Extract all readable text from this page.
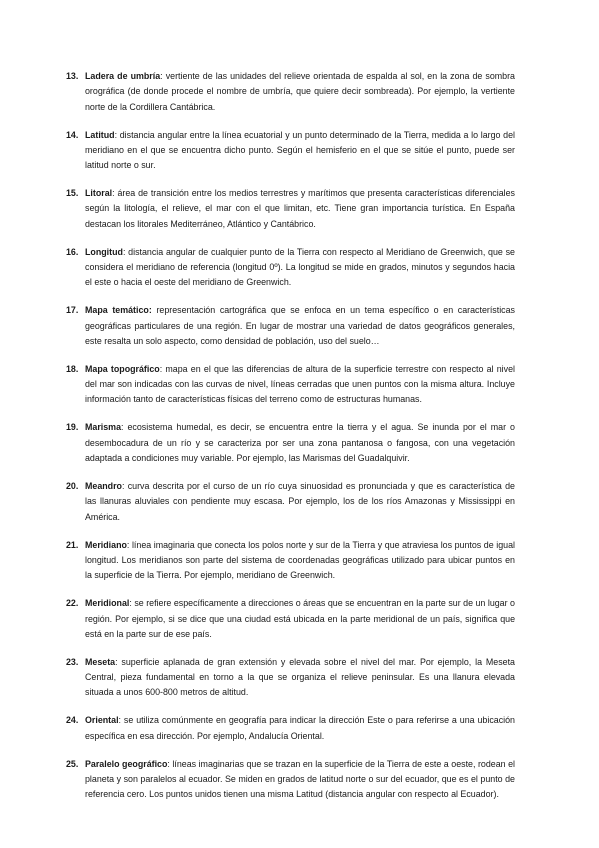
13. Ladera de umbría: vertiente de las unidades del relieve orientada de espalda al sol, en la zona de sombra orográfica (de donde procede el nombre de umbría, que quiere decir sombreada). Por ejemplo, la vertiente norte de la Cordillera Cantábrica.
14. Latitud: distancia angular entre la línea ecuatorial y un punto determinado de la Tierra, medida a lo largo del meridiano en el que se encuentra dicho punto. Según el hemisferio en el que se sitúe el punto, puede ser latitud norte o sur.
15. Litoral: área de transición entre los medios terrestres y marítimos que presenta características diferenciales según la litología, el relieve, el mar con el que limitan, etc. Tiene gran importancia turística. En España destacan los litorales Mediterráneo, Atlántico y Cantábrico.
16. Longitud: distancia angular de cualquier punto de la Tierra con respecto al Meridiano de Greenwich, que se considera el meridiano de referencia (longitud 0º). La longitud se mide en grados, minutos y segundos hacia el este o hacia el oeste del meridiano de Greenwich.
17. Mapa temático: representación cartográfica que se enfoca en un tema específico o en características geográficas particulares de una región. En lugar de mostrar una variedad de datos geográficos generales, este resalta un solo aspecto, como densidad de población, uso del suelo…
18. Mapa topográfico: mapa en el que las diferencias de altura de la superficie terrestre con respecto al nivel del mar son indicadas con las curvas de nivel, líneas cerradas que unen puntos con la misma altura. Incluye información tanto de características físicas del terreno como de estructuras humanas.
19. Marisma: ecosistema humedal, es decir, se encuentra entre la tierra y el agua. Se inunda por el mar o desembocadura de un río y se caracteriza por ser una zona pantanosa o fangosa, con una vegetación adaptada a condiciones muy variable. Por ejemplo, las Marismas del Guadalquivir.
20. Meandro: curva descrita por el curso de un río cuya sinuosidad es pronunciada y que es característica de las llanuras aluviales con pendiente muy escasa. Por ejemplo, los de los ríos Amazonas y Mississippi en América.
21. Meridiano: línea imaginaria que conecta los polos norte y sur de la Tierra y que atraviesa los puntos de igual longitud. Los meridianos son parte del sistema de coordenadas geográficas utilizado para ubicar puntos en la superficie de la Tierra. Por ejemplo, meridiano de Greenwich.
22. Meridional: se refiere específicamente a direcciones o áreas que se encuentran en la parte sur de un lugar o región. Por ejemplo, si se dice que una ciudad está ubicada en la parte meridional de un país, significa que está en la parte sur de ese país.
23. Meseta: superficie aplanada de gran extensión y elevada sobre el nivel del mar. Por ejemplo, la Meseta Central, pieza fundamental en torno a la que se organiza el relieve peninsular. Es una llanura elevada situada a unos 600-800 metros de altitud.
24. Oriental: se utiliza comúnmente en geografía para indicar la dirección Este o para referirse a una ubicación específica en esa dirección. Por ejemplo, Andalucía Oriental.
25. Paralelo geográfico: líneas imaginarias que se trazan en la superficie de la Tierra de este a oeste, rodean el planeta y son paralelos al ecuador. Se miden en grados de latitud norte o sur del ecuador, que es el punto de referencia cero. Los puntos unidos tienen una misma Latitud (distancia angular con respecto al Ecuador).
